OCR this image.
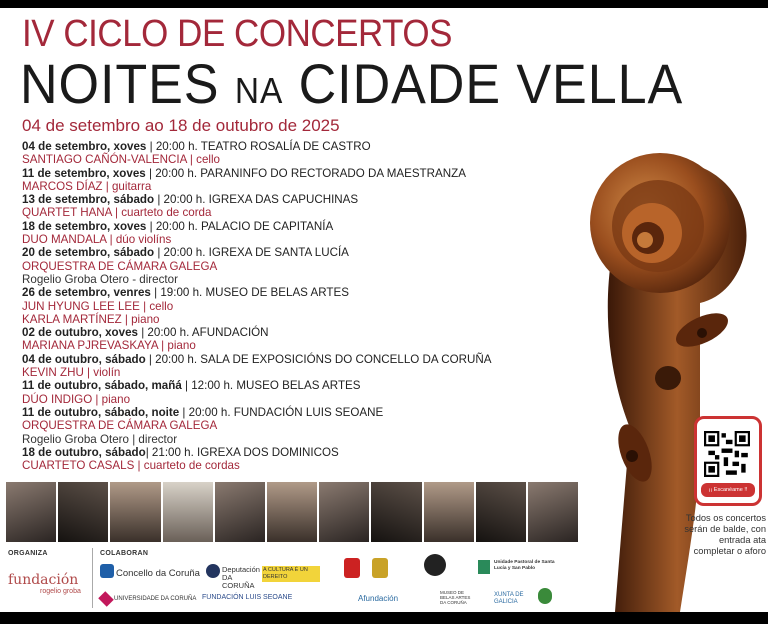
IV CICLO DE CONCERTOS
NOITES NA CIDADE VELLA
04 de setembro ao 18 de outubro de 2025
04 de setembro, xoves | 20:00 h. TEATRO ROSALÍA DE CASTRO
SANTIAGO CAÑÓN-VALENCIA | cello
11 de setembro, xoves | 20:00 h. PARANINFO DO RECTORADO DA MAESTRANZA
MARCOS DÍAZ | guitarra
13 de setembro, sábado | 20:00 h. IGREXA DAS CAPUCHINAS
QUARTET HANA | cuarteto de corda
18 de setembro, xoves | 20:00 h. PALACIO DE CAPITANÍA
DUO MANDALA | dúo violíns
20 de setembro, sábado | 20:00 h. IGREXA DE SANTA LUCÍA
ORQUESTRA DE CÁMARA GALEGA
Rogelio Groba Otero - director
26 de setembro, venres | 19:00 h. MUSEO DE BELAS ARTES
JUN HYUNG LEE LEE | cello
KARLA MARTÍNEZ | piano
02 de outubro, xoves | 20:00 h. AFUNDACIÓN
MARIANA PJREVASKAYA | piano
04 de outubro, sábado | 20:00 h. SALA DE EXPOSICIÓNS DO CONCELLO DA CORUÑA
KEVIN ZHU | violín
11 de outubro, sábado, mañá | 12:00 h. MUSEO BELAS ARTES
DÚO INDIGO | piano
11 de outubro, sábado, noite | 20:00 h. FUNDACIÓN LUIS SEOANE
ORQUESTRA DE CÁMARA GALEGA
Rogelio Groba Otero | director
18 de outubro, sábado| 21:00 h. IGREXA DOS DOMINICOS
CUARTETO CASALS | cuarteto de cordas
¡¡ Escanéame !!
Todos os concertos serán de balde, con entrada ata completar o aforo
ORGANIZA	COLABORAN
Concello da Coruña	Deputación DA CORUÑA
A CULTURA É UN DEREITO
UNIVERSIDADE DA CORUÑA FUNDACIÓN LUIS SEOANE	Afundación
MUSEO DE BELAS ARTES DA CORUÑA
XUNTA DE GALICIA
Unidade Pastoral de Santa Lucía y San Pablo
fundación
rogelio groba
